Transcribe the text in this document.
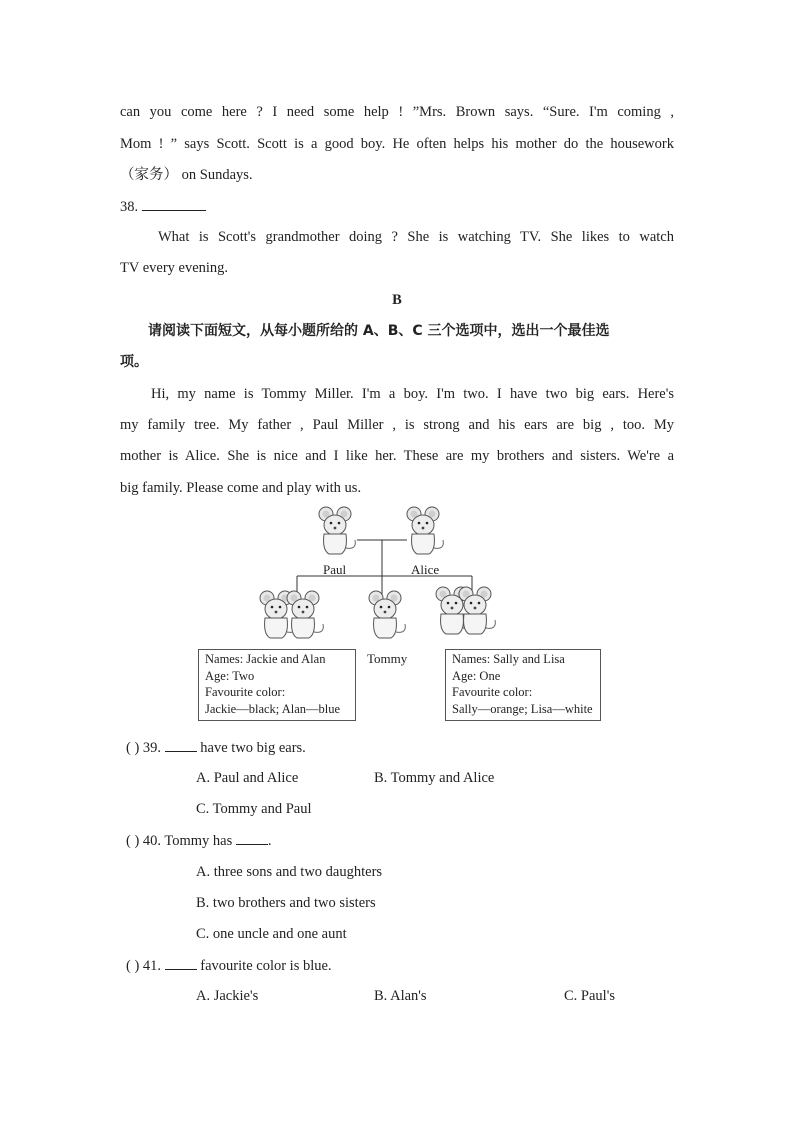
can you come here ? I need some help ! ”Mrs. Brown says. “Sure. I'm coming ,
Mom ! ” says Scott. Scott is a good boy. He often helps his mother do the housework
（家务） on Sundays.
38.
What is Scott's grandmother doing ? She is watching TV. She likes to watch
TV every evening.
B
请阅读下面短文，从每小题所给的 A、B、C 三个选项中，选出一个最佳选
项。
Hi, my name is Tommy Miller. I'm a boy. I'm two. I have two big ears. Here's
my family tree. My father , Paul Miller , is strong and his ears are big , too. My
mother is Alice. She is nice and I like her. These are my brothers and sisters. We're a
big family. Please come and play with us.
Paul	Alice
Tommy
Names: Jackie and Alan
Age: Two
Favourite color:
Jackie—black; Alan—blue
Names: Sally and Lisa
Age: One
Favourite color:
Sally—orange; Lisa—white
( ) 39.	have two big ears.
A. Paul and Alice	B. Tommy and Alice
C. Tommy and Paul
( ) 40. Tommy has .
A. three sons and two daughters
B. two brothers and two sisters
C. one uncle and one aunt
( ) 41.	favourite color is blue.
A. Jackie's	B. Alan's	C. Paul's
